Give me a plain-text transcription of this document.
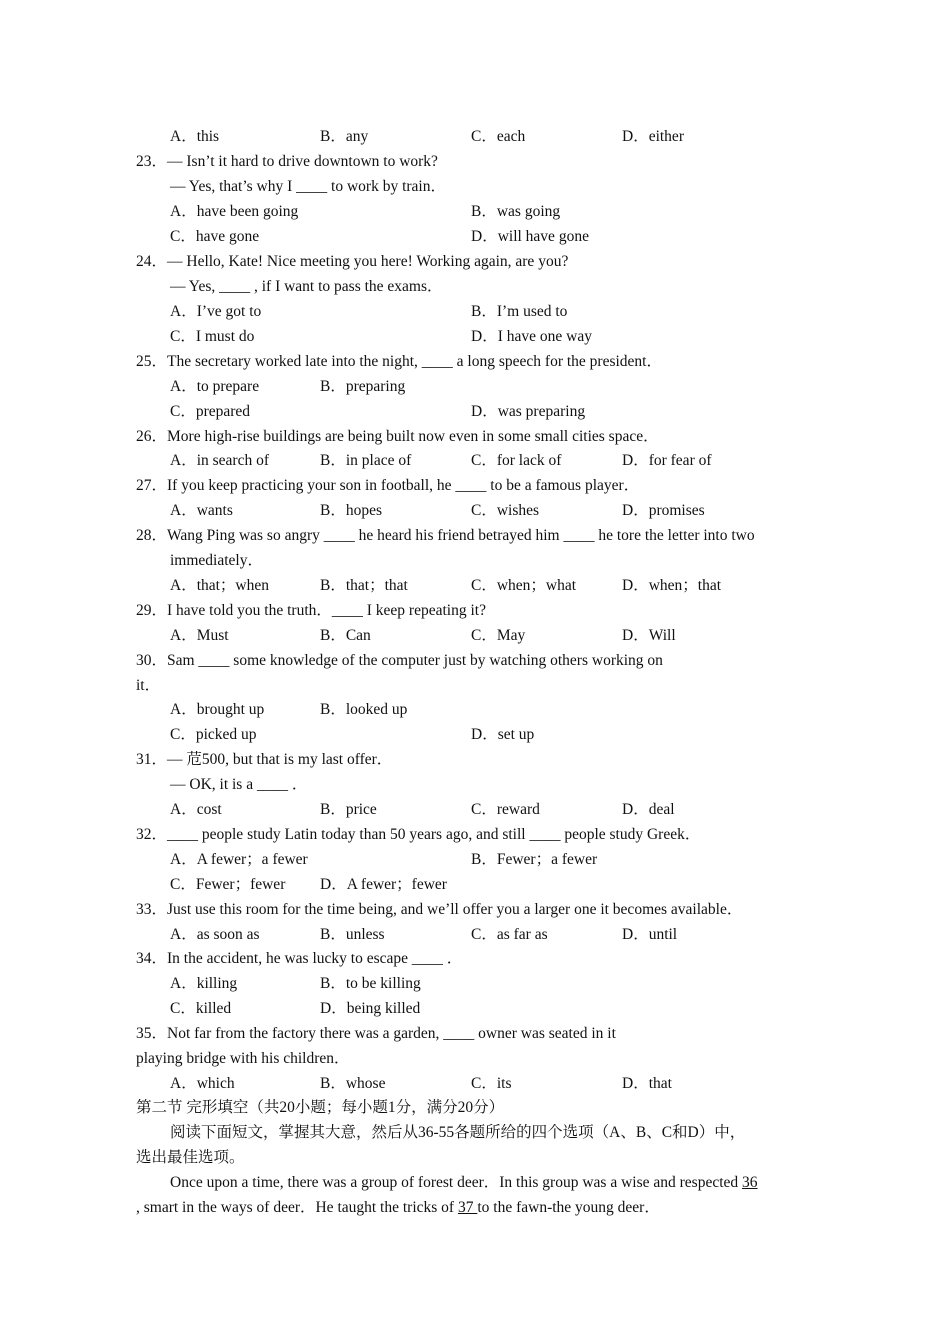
A．this	B．any	C．each	D．either
23．— Isn’t it hard to drive downtown to work?
— Yes, that’s why I ____ to work by train．
A．have been going	B．was going
C．have gone	D．will have gone
24．— Hello, Kate! Nice meeting you here! Working again, are you?
— Yes, ____ , if I want to pass the exams．
A．I’ve got to	B．I’m used to
C．I must do	D．I have one way
25．The secretary worked late into the night, ____ a long speech for the president．
A．to prepare	B．preparing
C．prepared	D．was preparing
26．More high-rise buildings are being built now even in some small cities space．
A．in search of	B．in place of	C．for lack of	D．for fear of
27．If you keep practicing your son in football, he ____ to be a famous player．
A．wants	B．hopes	C．wishes	D．promises
28．Wang Ping was so angry ____ he heard his friend betrayed him ____ he tore the letter into two
immediately．
A．that；when	B．that；that	C．when；what	D．when；that
29．I have told you the truth．____ I keep repeating it?
A．Must	B．Can	C．May	D．Will
30．Sam ____ some knowledge of the computer just by watching others working on
it．
A．brought up	B．looked up
C．picked up	D．set up
31．— 苊500, but that is my last offer．
— OK, it is a ____ ．
A．cost	B．price	C．reward	D．deal
32．____ people study Latin today than 50 years ago, and still ____ people study Greek．
A．A fewer；a fewer	B．Fewer；a fewer
C．Fewer；fewer D．A fewer；fewer
33．Just use this room for the time being, and we’ll offer you a larger one it becomes available．
A．as soon as	B．unless	C．as far as	D．until
34．In the accident, he was lucky to escape ____ ．
A．killing	B．to be killing
C．killed	D．being killed
35．Not far from the factory there was a garden, ____ owner was seated in it
playing bridge with his children．
A．which	B．whose	C．its	D．that
第二节 完形填空（共20小题；每小题1分，满分20分）
阅读下面短文，掌握其大意，然后从36-55各题所给的四个选项（A、B、C和D）中，
选出最佳选项。
Once upon a time, there was a group of forest deer．In this group was a wise and respected 36
, smart in the ways of deer．He taught the tricks of 37 to the fawn-the young deer．
